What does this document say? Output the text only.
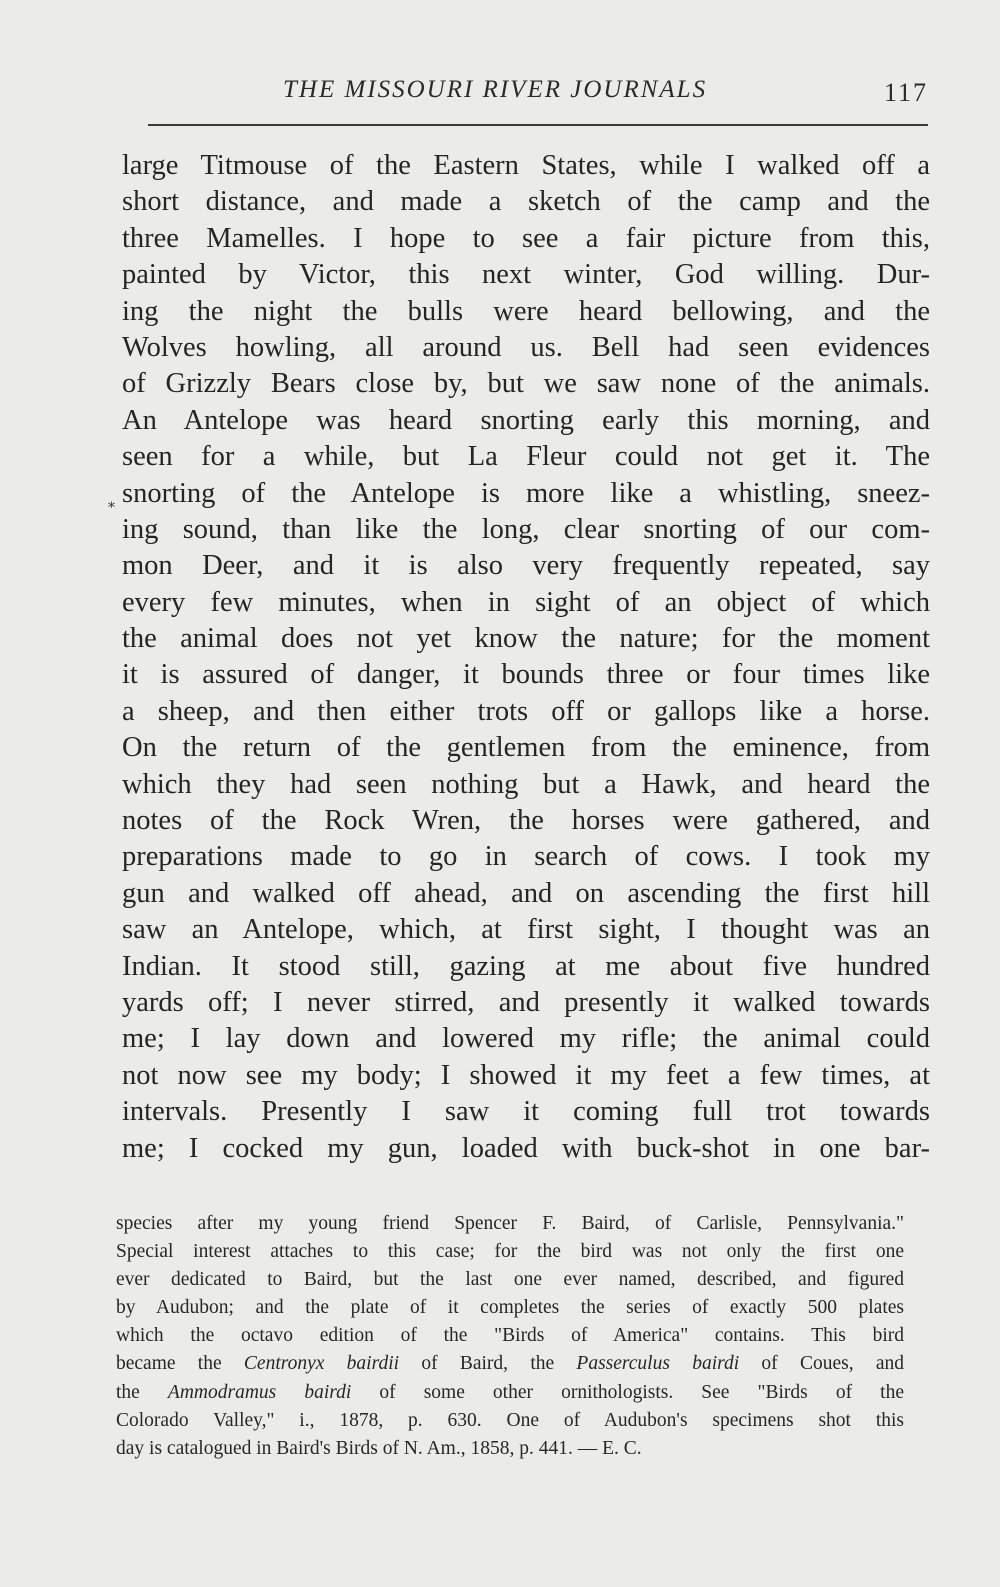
THE MISSOURI RIVER JOURNALS	117
*
large Titmouse of the Eastern States, while I walked off a
short distance, and made a sketch of the camp and the
three Mamelles. I hope to see a fair picture from this,
painted by Victor, this next winter, God willing. Dur-
ing the night the bulls were heard bellowing, and the
Wolves howling, all around us. Bell had seen evidences
of Grizzly Bears close by, but we saw none of the animals.
An Antelope was heard snorting early this morning, and
seen for a while, but La Fleur could not get it. The
snorting of the Antelope is more like a whistling, sneez-
ing sound, than like the long, clear snorting of our com-
mon Deer, and it is also very frequently repeated, say
every few minutes, when in sight of an object of which
the animal does not yet know the nature; for the moment
it is assured of danger, it bounds three or four times like
a sheep, and then either trots off or gallops like a horse.
On the return of the gentlemen from the eminence, from
which they had seen nothing but a Hawk, and heard the
notes of the Rock Wren, the horses were gathered, and
preparations made to go in search of cows. I took my
gun and walked off ahead, and on ascending the first hill
saw an Antelope, which, at first sight, I thought was an
Indian. It stood still, gazing at me about five hundred
yards off; I never stirred, and presently it walked towards
me; I lay down and lowered my rifle; the animal could
not now see my body; I showed it my feet a few times, at
intervals. Presently I saw it coming full trot towards
me; I cocked my gun, loaded with buck-shot in one bar-
species after my young friend Spencer F. Baird, of Carlisle, Pennsylvania."
Special interest attaches to this case; for the bird was not only the first one
ever dedicated to Baird, but the last one ever named, described, and figured
by Audubon; and the plate of it completes the series of exactly 500 plates
which the octavo edition of the "Birds of America" contains. This bird
became the Centronyx bairdii of Baird, the Passerculus bairdi of Coues, and
the Ammodramus bairdi of some other ornithologists. See "Birds of the
Colorado Valley," i., 1878, p. 630. One of Audubon's specimens shot this
day is catalogued in Baird's Birds of N. Am., 1858, p. 441. — E. C.
